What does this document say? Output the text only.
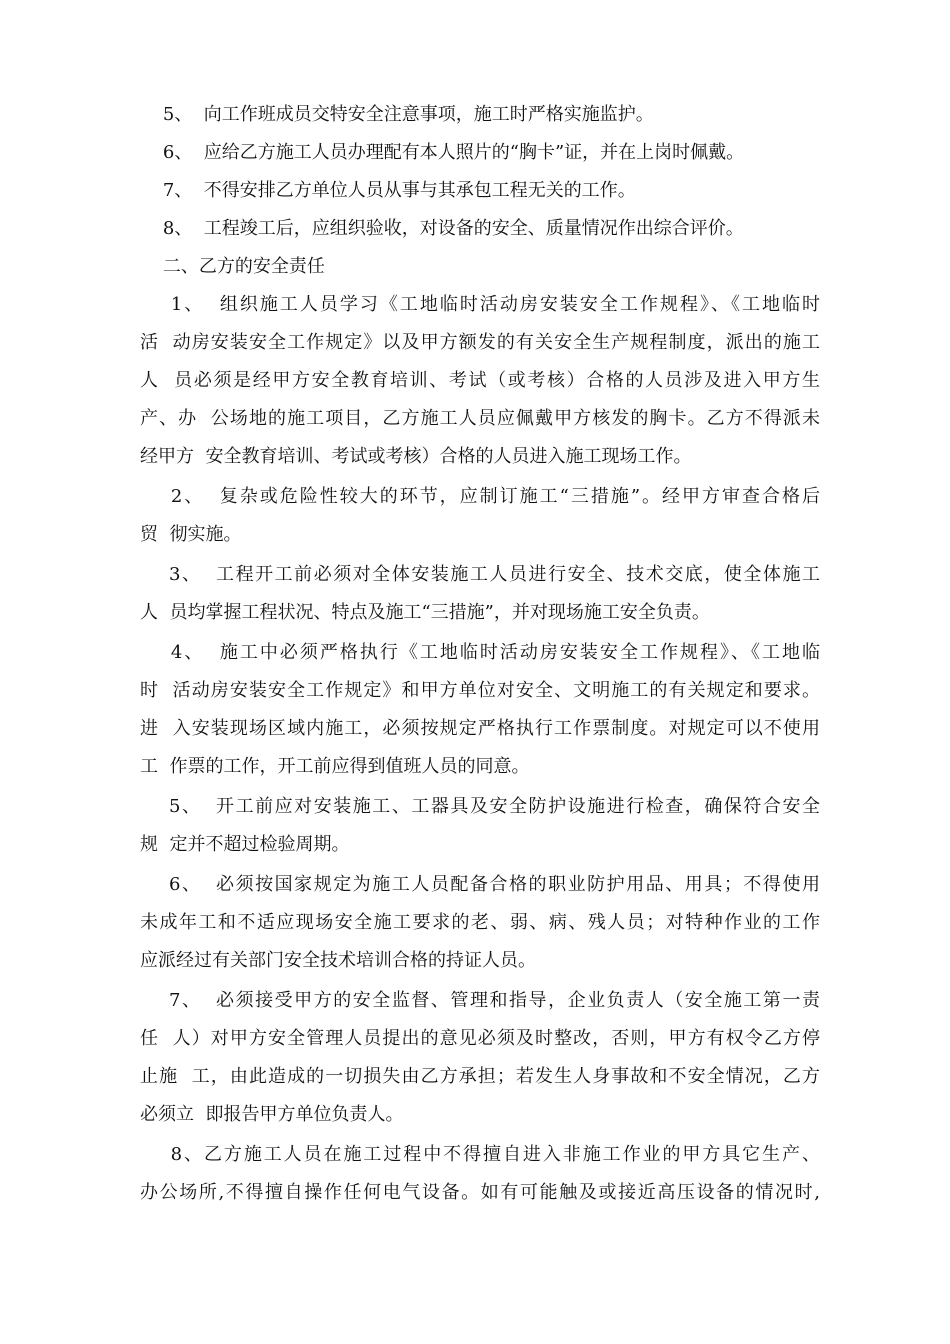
5、  向工作班成员交特安全注意事项，施工时严格实施监护。
6、  应给乙方施工人员办理配有本人照片的“胸卡”证，并在上岗时佩戴。
7、  不得安排乙方单位人员从事与其承包工程无关的工作。
8、  工程竣工后，应组织验收，对设备的安全、质量情况作出综合评价。
二、乙方的安全责任
1、  组织施工人员学习《工地临时活动房安装安全工作规程》、《工地临时
活  动房安装安全工作规定》以及甲方额发的有关安全生产规程制度，派出的施工
人  员必须是经甲方安全教育培训、考试（或考核）合格的人员涉及进入甲方生
产、办  公场地的施工项目，乙方施工人员应佩戴甲方核发的胸卡。乙方不得派未
经甲方  安全教育培训、考试或考核）合格的人员进入施工现场工作。
2、  复杂或危险性较大的环节，应制订施工“三措施”。经甲方审查合格后
贸  彻实施。
3、  工程开工前必须对全体安装施工人员进行安全、技术交底，使全体施工
人  员均掌握工程状况、特点及施工“三措施”，并对现场施工安全负责。
4、  施工中必须严格执行《工地临时活动房安装安全工作规程》、《工地临
时  活动房安装安全工作规定》和甲方单位对安全、文明施工的有关规定和要求。
进  入安装现场区域内施工，必须按规定严格执行工作票制度。对规定可以不使用
工  作票的工作，开工前应得到值班人员的同意。
5、  开工前应对安装施工、工器具及安全防护设施进行检查，确保符合安全
规  定并不超过检验周期。
6、  必须按国家规定为施工人员配备合格的职业防护用品、用具；不得使用
未成年工和不适应现场安全施工要求的老、弱、病、残人员；对特种作业的工作
应派经过有关部门安全技术培训合格的持证人员。
7、  必须接受甲方的安全监督、管理和指导，企业负责人（安全施工第一责
任  人）对甲方安全管理人员提出的意见必须及时整改，否则，甲方有权令乙方停
止施  工，由此造成的一切损失由乙方承担；若发生人身事故和不安全情况，乙方
必须立  即报告甲方单位负责人。
8、乙方施工人员在施工过程中不得擅自进入非施工作业的甲方具它生产、
办公场所,不得擅自操作任何电气设备。如有可能触及或接近高压设备的情况时,
